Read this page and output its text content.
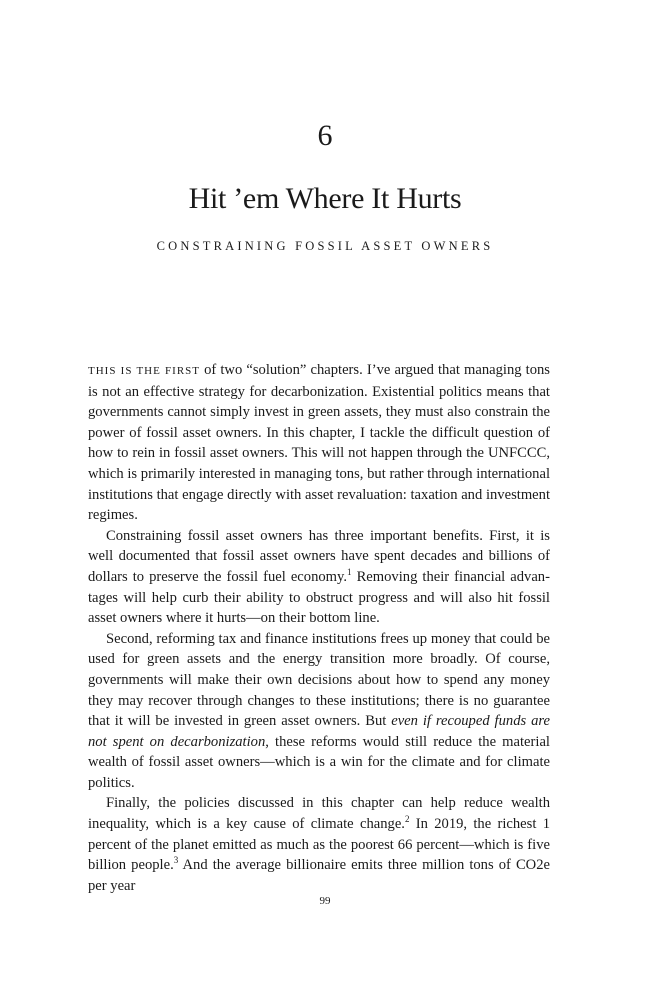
6
Hit ’em Where It Hurts
CONSTRAINING FOSSIL ASSET OWNERS

THIS IS THE FIRST of two “solution” chapters. I’ve argued that managing tons is not an effective strategy for decarbonization. Existential politics means that governments cannot simply invest in green assets, they must also constrain the power of fossil asset owners. In this chapter, I tackle the difficult question of how to rein in fossil asset owners. This will not happen through the UNFCCC, which is primarily interested in managing tons, but rather through international institutions that engage directly with asset revaluation: taxation and investment regimes.

Constraining fossil asset owners has three important benefits. First, it is well documented that fossil asset owners have spent decades and billions of dollars to preserve the fossil fuel economy.$^1$ Removing their financial advantages will help curb their ability to obstruct progress and will also hit fossil asset owners where it hurts—on their bottom line.

Second, reforming tax and finance institutions frees up money that could be used for green assets and the energy transition more broadly. Of course, governments will make their own decisions about how to spend any money they may recover through changes to these institutions; there is no guarantee that it will be invested in green asset owners. But even if recouped funds are not spent on decarbonization, these reforms would still reduce the material wealth of fossil asset owners—which is a win for the climate and for climate politics.

Finally, the policies discussed in this chapter can help reduce wealth inequality, which is a key cause of climate change.$^2$ In 2019, the richest 1 percent of the planet emitted as much as the poorest 66 percent—which is five billion people.$^3$ And the average billionaire emits three million tons of CO2e per year

99
